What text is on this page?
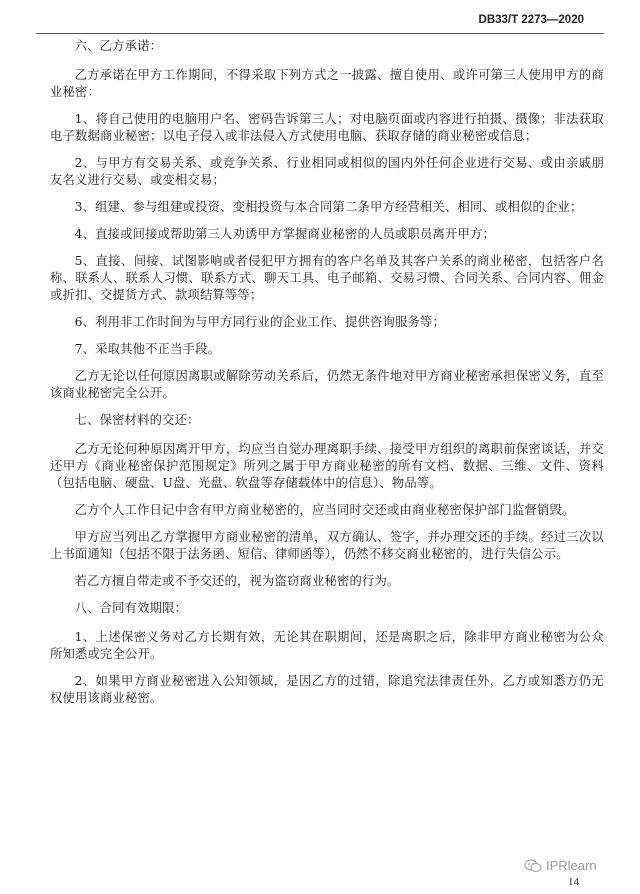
DB33/T 2273—2020

六、乙方承诺：

乙方承诺在甲方工作期间，不得采取下列方式之一披露、擅自使用、或许可第三人使用甲方的商业秘密：

1、将自己使用的电脑用户名、密码告诉第三人；对电脑页面或内容进行拍摄、摄像；非法获取电子数据商业秘密；以电子侵入或非法侵入方式使用电脑、获取存储的商业秘密或信息；

2、与甲方有交易关系、或竞争关系、行业相同或相似的国内外任何企业进行交易、或由亲戚朋友名义进行交易、或变相交易；

3、组建、参与组建或投资、变相投资与本合同第二条甲方经营相关、相同、或相似的企业；

4、直接或间接或帮助第三人劝诱甲方掌握商业秘密的人员或职员离开甲方；

5、直接、间接、试图影响或者侵犯甲方拥有的客户名单及其客户关系的商业秘密，包括客户名称、联系人、联系人习惯、联系方式、聊天工具、电子邮箱、交易习惯、合同关系、合同内容、佣金或折扣、交提货方式、款项结算等等；

6、利用非工作时间为与甲方同行业的企业工作、提供咨询服务等；

7、采取其他不正当手段。

乙方无论以任何原因离职或解除劳动关系后，仍然无条件地对甲方商业秘密承担保密义务，直至该商业秘密完全公开。

七、保密材料的交还：

乙方无论何种原因离开甲方，均应当自觉办理离职手续、接受甲方组织的离职前保密谈话，并交还甲方《商业秘密保护范围规定》所列之属于甲方商业秘密的所有文档、数据、三维、文件、资料（包括电脑、硬盘、U盘、光盘、软盘等存储载体中的信息）、物品等。

乙方个人工作日记中含有甲方商业秘密的，应当同时交还或由商业秘密保护部门监督销毁。

甲方应当列出乙方掌握甲方商业秘密的清单，双方确认、签字，并办理交还的手续。经过三次以上书面通知（包括不限于法务函、短信、律师函等），仍然不移交商业秘密的，进行失信公示。

若乙方擅自带走或不予交还的，视为盗窃商业秘密的行为。

八、合同有效期限：

1、上述保密义务对乙方长期有效，无论其在职期间，还是离职之后，除非甲方商业秘密为公众所知悉或完全公开。

2、如果甲方商业秘密进入公知领域，是因乙方的过错，除追究法律责任外，乙方或知悉方仍无权使用该商业秘密。

IPRlearn
14
